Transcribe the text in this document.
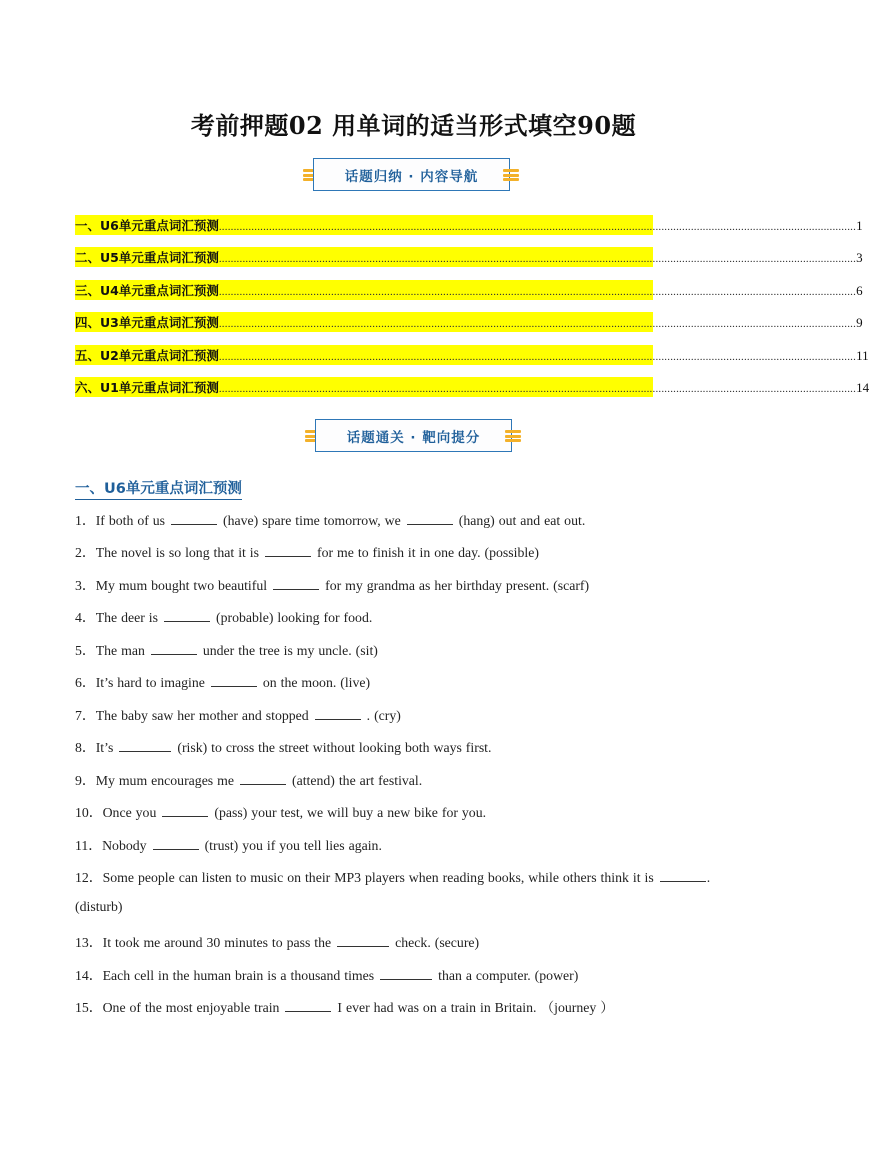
考前押题02 用单词的适当形式填空90题
话题归纳 · 内容导航
一、U6单元重点词汇预测 ........................................................................................................................................................................................................................ 1
二、U5单元重点词汇预测 ........................................................................................................................................................................................................................ 3
三、U4单元重点词汇预测 ........................................................................................................................................................................................................................ 6
四、U3单元重点词汇预测 ........................................................................................................................................................................................................................ 9
五、U2单元重点词汇预测 ........................................................................................................................................................................................................................ 11
六、U1单元重点词汇预测 ........................................................................................................................................................................................................................ 14
话题通关 · 靶向提分
一、U6单元重点词汇预测
1．If both of us	(have) spare time tomorrow, we	(hang) out and eat out.
2．The novel is so long that it is	for me to finish it in one day. (possible)
3．My mum bought two beautiful	for my grandma as her birthday present. (scarf)
4．The deer is	(probable) looking for food.
5．The man	under the tree is my uncle. (sit)
6．It’s hard to imagine	on the moon. (live)
7．The baby saw her mother and stopped	. (cry)
8．It’s	(risk) to cross the street without looking both ways first.
9．My mum encourages me	(attend) the art festival.
10．Once you	(pass) your test, we will buy a new bike for you.
11．Nobody	(trust) you if you tell lies again.
12．Some people can listen to music on their MP3 players when reading books, while others think it is	.
(disturb)
13．It took me around 30 minutes to pass the	check. (secure)
14．Each cell in the human brain is a thousand times	than a computer. (power)
15．One of the most enjoyable train	I ever had was on a train in Britain. （journey ）
